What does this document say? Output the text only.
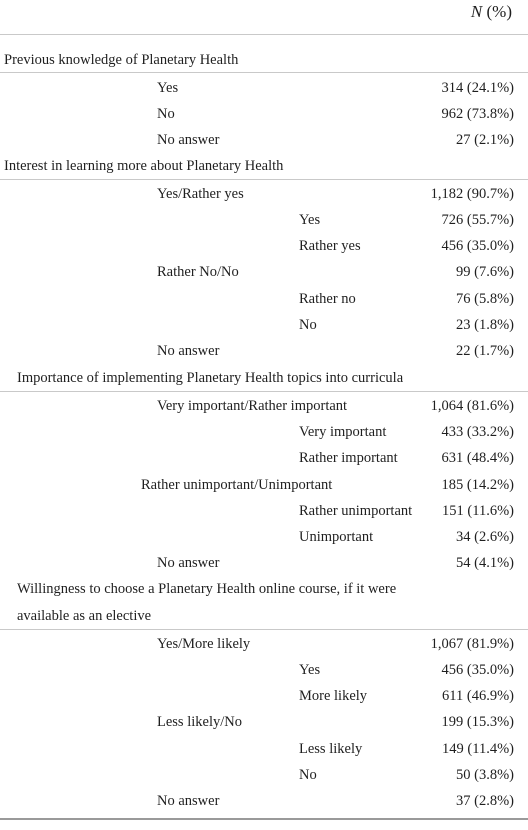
N (%)
Previous knowledge of Planetary Health
Yes	314 (24.1%)
No	962 (73.8%)
No answer	27 (2.1%)
Interest in learning more about Planetary Health
Yes/Rather yes	1,182 (90.7%)
Yes	726 (55.7%)
Rather yes	456 (35.0%)
Rather No/No	99 (7.6%)
Rather no	76 (5.8%)
No	23 (1.8%)
No answer	22 (1.7%)
Importance of implementing Planetary Health topics into curricula
Very important/Rather important	1,064 (81.6%)
Very important	433 (33.2%)
Rather important	631 (48.4%)
Rather unimportant/Unimportant	185 (14.2%)
Rather unimportant 151 (11.6%)
Unimportant	34 (2.6%)
No answer	54 (4.1%)
Willingness to choose a Planetary Health online course, if it were
available as an elective
Yes/More likely	1,067 (81.9%)
Yes	456 (35.0%)
More likely	611 (46.9%)
Less likely/No	199 (15.3%)
Less likely	149 (11.4%)
No	50 (3.8%)
No answer	37 (2.8%)
